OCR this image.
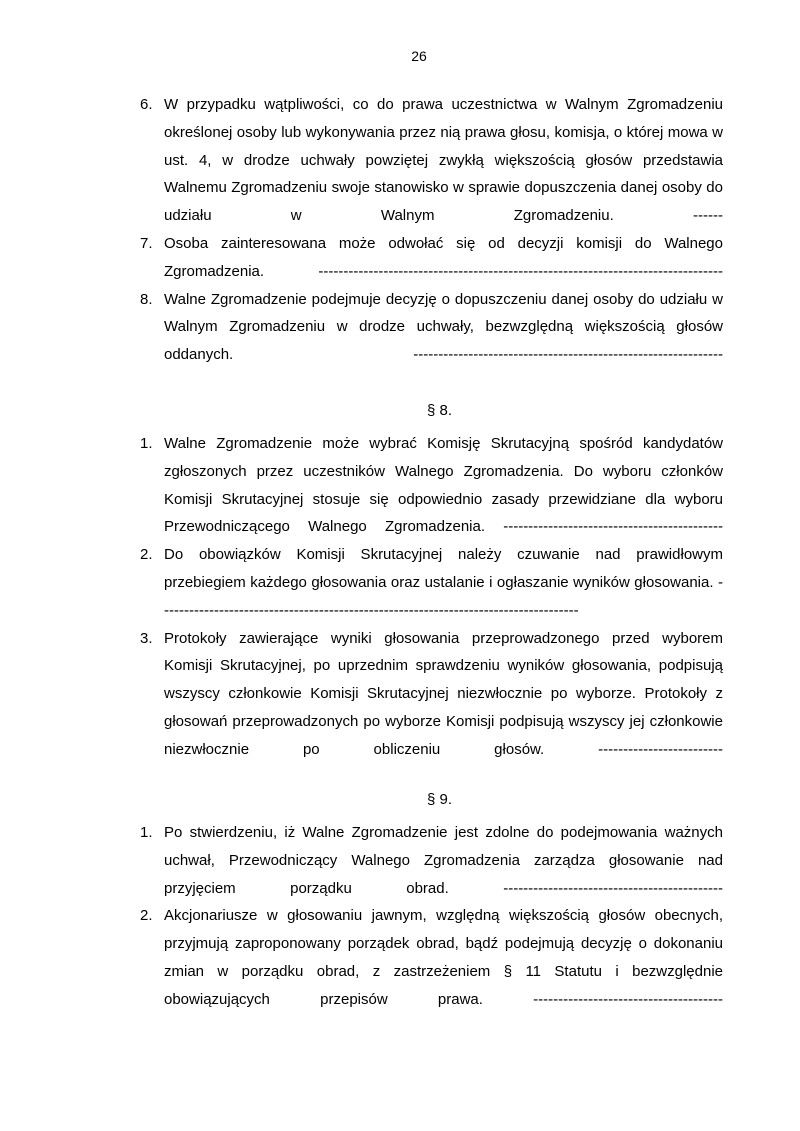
26
6. W przypadku wątpliwości, co do prawa uczestnictwa w Walnym Zgromadzeniu określonej osoby lub wykonywania przez nią prawa głosu, komisja, o której mowa w ust. 4, w drodze uchwały powziętej zwykłą większością głosów przedstawia Walnemu Zgromadzeniu swoje stanowisko w sprawie dopuszczenia danej osoby do udziału w Walnym Zgromadzeniu. ------

7. Osoba zainteresowana może odwołać się od decyzji komisji do Walnego Zgromadzenia. ---------------------------------------------------------------------------------

8. Walne Zgromadzenie podejmuje decyzję o dopuszczeniu danej osoby do udziału w Walnym Zgromadzeniu w drodze uchwały, bezwzględną większością głosów oddanych. --------------------------------------------------------------

§ 8.
1. Walne Zgromadzenie może wybrać Komisję Skrutacyjną spośród kandydatów zgłoszonych przez uczestników Walnego Zgromadzenia. Do wyboru członków Komisji Skrutacyjnej stosuje się odpowiednio zasady przewidziane dla wyboru Przewodniczącego Walnego Zgromadzenia. --------------------------------------------

2. Do obowiązków Komisji Skrutacyjnej należy czuwanie nad prawidłowym przebiegiem każdego głosowania oraz ustalanie i ogłaszanie wyników głosowania. ------------------------------------------------------------------------------------

3. Protokoły zawierające wyniki głosowania przeprowadzonego przed wyborem Komisji Skrutacyjnej, po uprzednim sprawdzeniu wyników głosowania, podpisują wszyscy członkowie Komisji Skrutacyjnej niezwłocznie po wyborze. Protokoły z głosowań przeprowadzonych po wyborze Komisji podpisują wszyscy jej członkowie niezwłocznie po obliczeniu głosów. -------------------------

§ 9.
1. Po stwierdzeniu, iż Walne Zgromadzenie jest zdolne do podejmowania ważnych uchwał, Przewodniczący Walnego Zgromadzenia zarządza głosowanie nad przyjęciem porządku obrad. --------------------------------------------

2. Akcjonariusze w głosowaniu jawnym, względną większością głosów obecnych, przyjmują zaproponowany porządek obrad, bądź podejmują decyzję o dokonaniu zmian w porządku obrad, z zastrzeżeniem § 11 Statutu i bezwzględnie obowiązujących przepisów prawa. --------------------------------------
